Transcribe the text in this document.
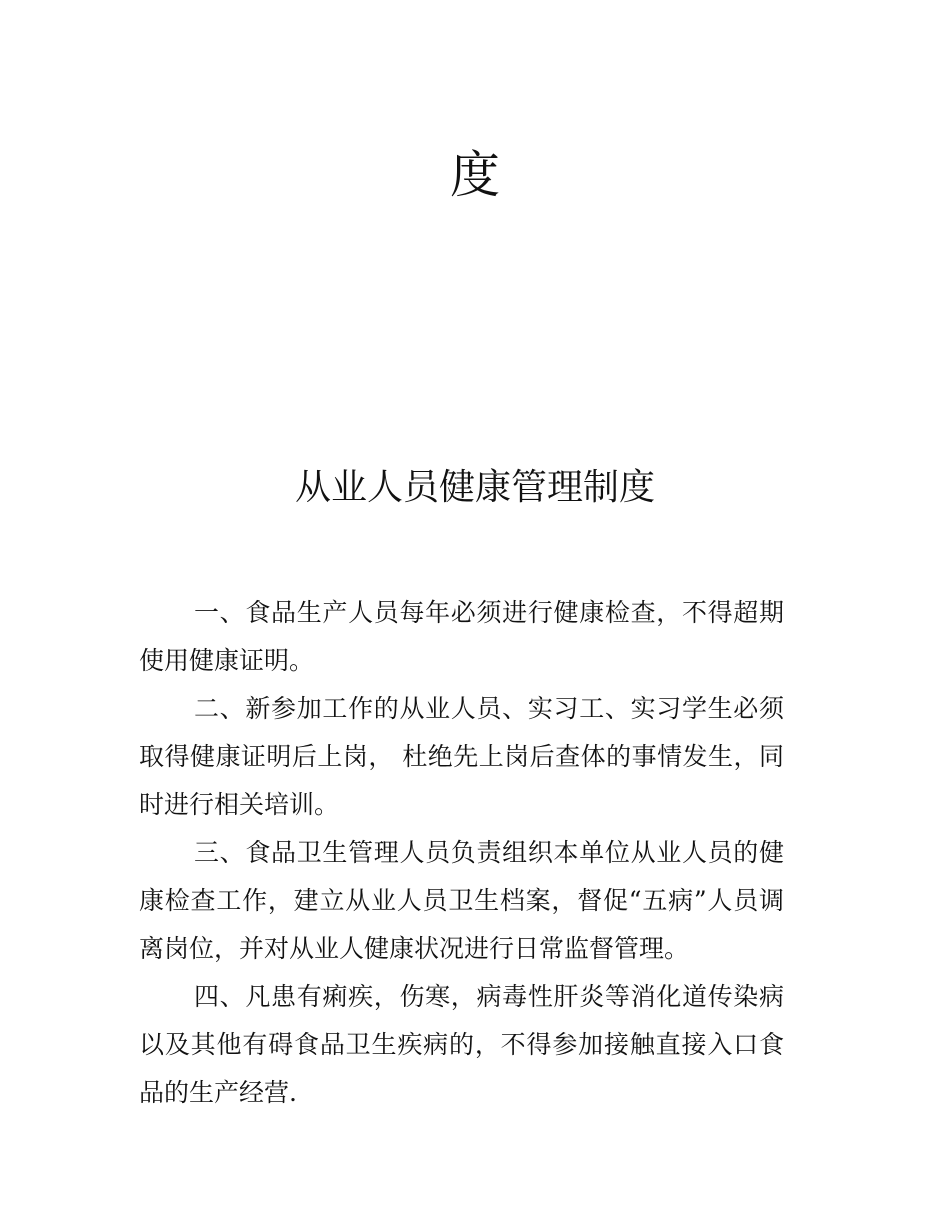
度
从业人员健康管理制度

一、食品生产人员每年必须进行健康检查，不得超期使用健康证明。

二、新参加工作的从业人员、实习工、实习学生必须取得健康证明后上岗， 杜绝先上岗后查体的事情发生，同时进行相关培训。

三、食品卫生管理人员负责组织本单位从业人员的健康检查工作，建立从业人员卫生档案，督促“五病”人员调离岗位，并对从业人健康状况进行日常监督管理。

四、凡患有痢疾，伤寒，病毒性肝炎等消化道传染病以及其他有碍食品卫生疾病的，不得参加接触直接入口食品的生产经营.
